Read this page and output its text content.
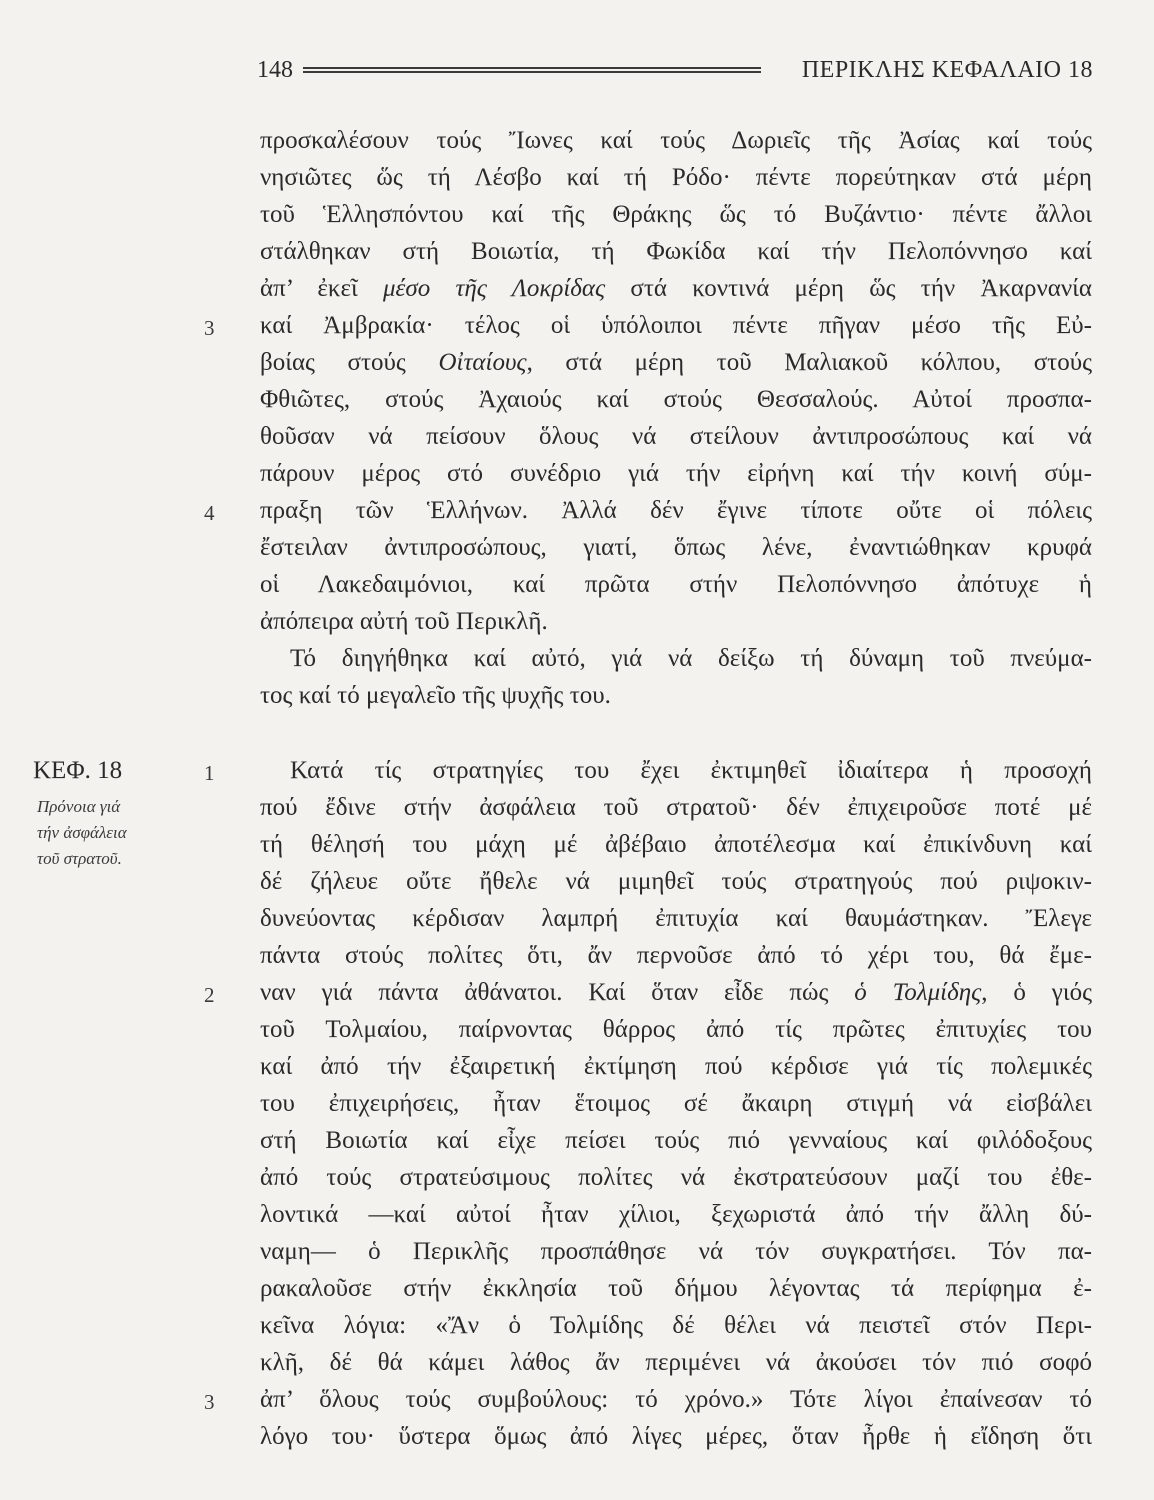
148	ΠΕΡΙΚΛΗΣ ΚΕΦΑΛΑΙΟ 18
προσκαλέσουν τούς Ἴωνες καί τούς Δωριεῖς τῆς Ἀσίας καί τούς
νησιῶτες ὥς τή Λέσβο καί τή Ρόδο· πέντε πορεύτηκαν στά μέρη
τοῦ Ἑλλησπόντου καί τῆς Θράκης ὥς τό Βυζάντιο· πέντε ἄλλοι
στάλθηκαν στή Βοιωτία, τή Φωκίδα καί τήν Πελοπόννησο καί
ἀπ’ ἐκεῖ μέσο τῆς Λοκρίδας στά κοντινά μέρη ὥς τήν Ἀκαρνανία
καί Ἀμβρακία· τέλος οἱ ὑπόλοιποι πέντε πῆγαν μέσο τῆς Εὐ-
βοίας στούς Οἰταίους, στά μέρη τοῦ Μαλιακοῦ κόλπου, στούς
Φθιῶτες, στούς Ἀχαιούς καί στούς Θεσσαλούς. Αὐτοί προσπα-
θοῦσαν νά πείσουν ὅλους νά στείλουν ἀντιπροσώπους καί νά
πάρουν μέρος στό συνέδριο γιά τήν εἰρήνη καί τήν κοινή σύμ-
πραξη τῶν Ἑλλήνων. Ἀλλά δέν ἔγινε τίποτε οὔτε οἱ πόλεις
ἔστειλαν ἀντιπροσώπους, γιατί, ὅπως λένε, ἐναντιώθηκαν κρυφά
οἱ Λακεδαιμόνιοι, καί πρῶτα στήν Πελοπόννησο ἀπότυχε ἡ
ἀπόπειρα αὐτή τοῦ Περικλῆ.
Τό διηγήθηκα καί αὐτό, γιά νά δείξω τή δύναμη τοῦ πνεύμα-
τος καί τό μεγαλεῖο τῆς ψυχῆς του.
ΚΕΦ. 18
Πρόνοια γιά
τήν ἀσφάλεια
τοῦ στρατοῦ.
Κατά τίς στρατηγίες του ἔχει ἐκτιμηθεῖ ἰδιαίτερα ἡ προσοχή
πού ἔδινε στήν ἀσφάλεια τοῦ στρατοῦ· δέν ἐπιχειροῦσε ποτέ μέ
τή θέλησή του μάχη μέ ἀβέβαιο ἀποτέλεσμα καί ἐπικίνδυνη καί
δέ ζήλευε οὔτε ἤθελε νά μιμηθεῖ τούς στρατηγούς πού ριψοκιν-
δυνεύοντας κέρδισαν λαμπρή ἐπιτυχία καί θαυμάστηκαν. Ἔλεγε
πάντα στούς πολίτες ὅτι, ἄν περνοῦσε ἀπό τό χέρι του, θά ἔμε-
ναν γιά πάντα ἀθάνατοι. Καί ὅταν εἶδε πώς ὁ Τολμίδης, ὁ γιός
τοῦ Τολμαίου, παίρνοντας θάρρος ἀπό τίς πρῶτες ἐπιτυχίες του
καί ἀπό τήν ἐξαιρετική ἐκτίμηση πού κέρδισε γιά τίς πολεμικές
του ἐπιχειρήσεις, ἦταν ἕτοιμος σέ ἄκαιρη στιγμή νά εἰσβάλει
στή Βοιωτία καί εἶχε πείσει τούς πιό γενναίους καί φιλόδοξους
ἀπό τούς στρατεύσιμους πολίτες νά ἐκστρατεύσουν μαζί του ἐθε-
λοντικά —καί αὐτοί ἦταν χίλιοι, ξεχωριστά ἀπό τήν ἄλλη δύ-
ναμη— ὁ Περικλῆς προσπάθησε νά τόν συγκρατήσει. Τόν πα-
ρακαλοῦσε στήν ἐκκλησία τοῦ δήμου λέγοντας τά περίφημα ἐ-
κεῖνα λόγια: «Ἄν ὁ Τολμίδης δέ θέλει νά πειστεῖ στόν Περι-
κλῆ, δέ θά κάμει λάθος ἄν περιμένει νά ἀκούσει τόν πιό σοφό
ἀπ’ ὅλους τούς συμβούλους: τό χρόνο.» Τότε λίγοι ἐπαίνεσαν τό
λόγο του· ὕστερα ὅμως ἀπό λίγες μέρες, ὅταν ἦρθε ἡ εἴδηση ὅτι
3
4
1
2
3
